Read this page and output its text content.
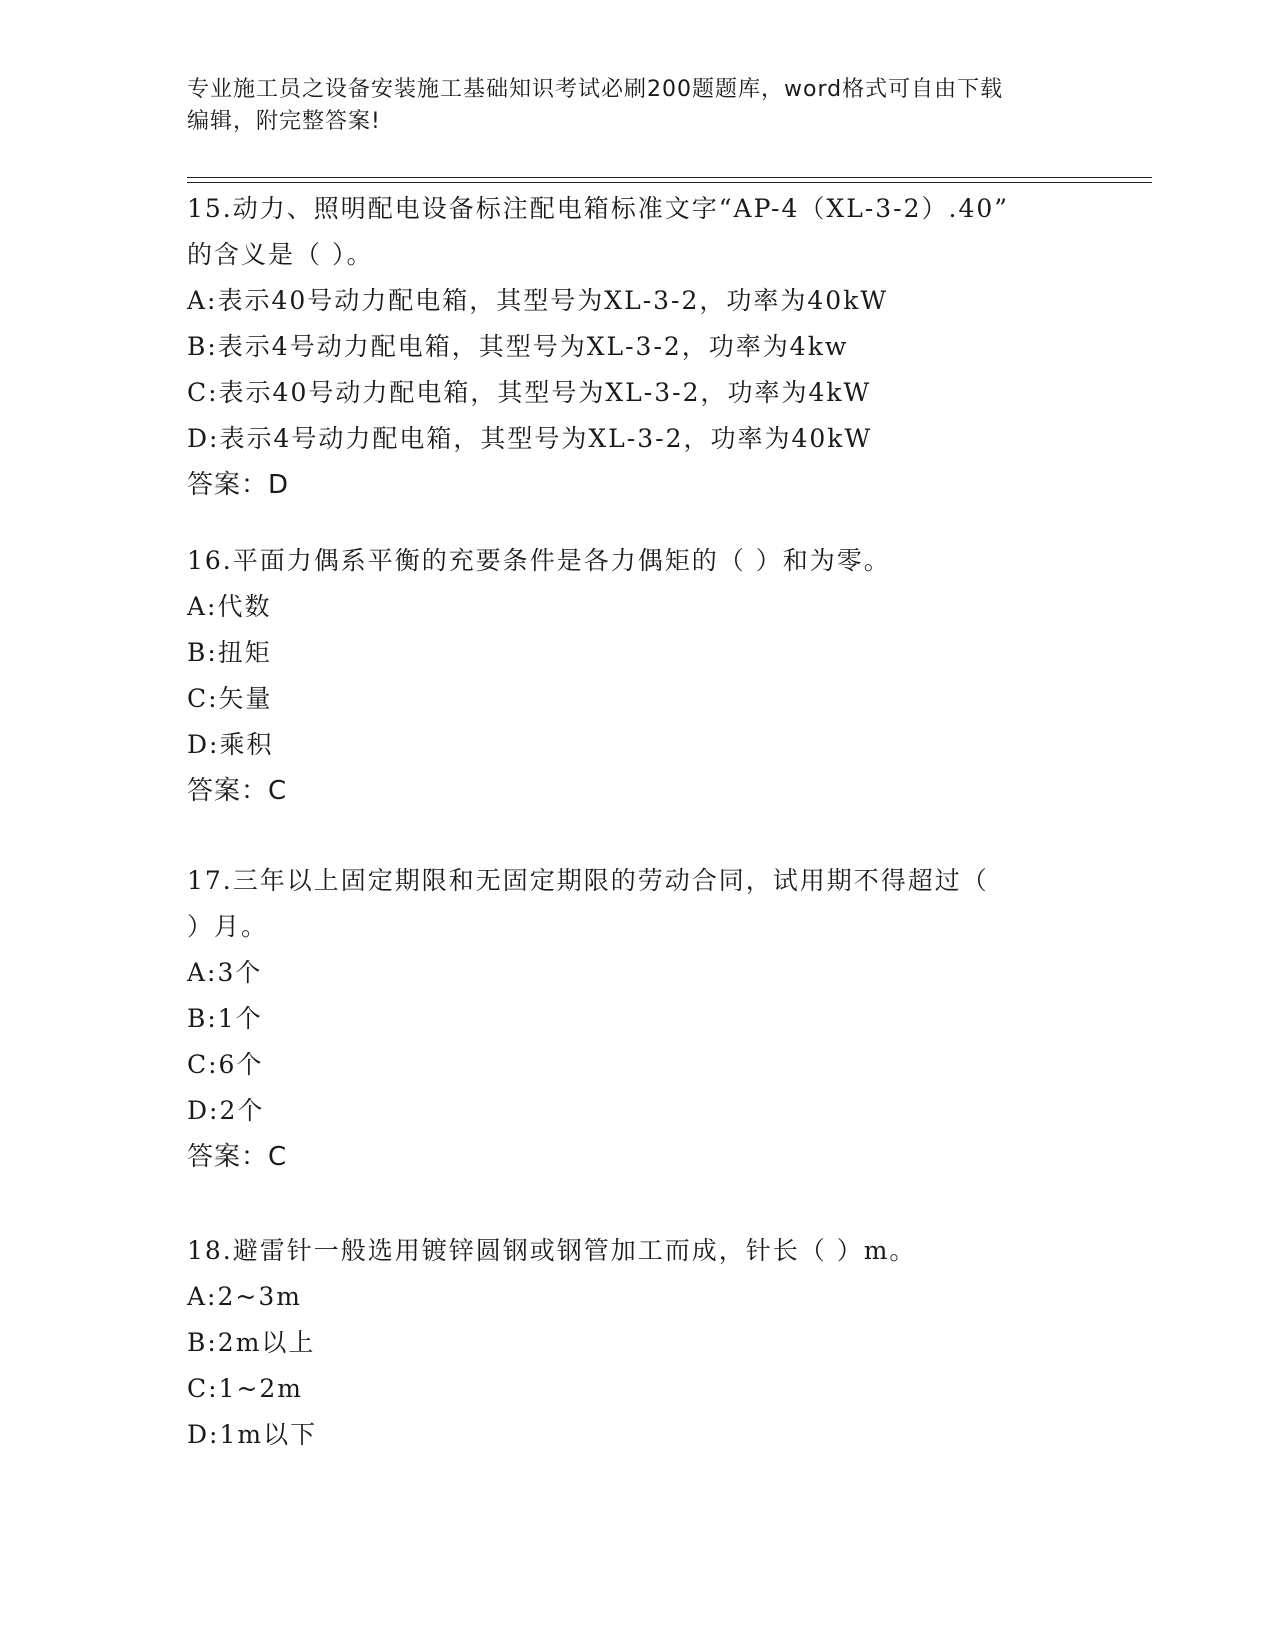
专业施工员之设备安装施工基础知识考试必刷200题题库，word格式可自由下载
编辑，附完整答案!
15.动力、照明配电设备标注配电箱标准文字“AP-4（XL-3-2）.40”
的含义是（ ）。
A:表示40号动力配电箱，其型号为XL-3-2，功率为40kW
B:表示4号动力配电箱，其型号为XL-3-2，功率为4kw
C:表示40号动力配电箱，其型号为XL-3-2，功率为4kW
D:表示4号动力配电箱，其型号为XL-3-2，功率为40kW
答案：D
16.平面力偶系平衡的充要条件是各力偶矩的（ ）和为零。
A:代数
B:扭矩
C:矢量
D:乘积
答案：C
17.三年以上固定期限和无固定期限的劳动合同，试用期不得超过（
）月。
A:3个
B:1个
C:6个
D:2个
答案：C
18.避雷针一般选用镀锌圆钢或钢管加工而成，针长（ ）m。
A:2~3m
B:2m以上
C:1~2m
D:1m以下
